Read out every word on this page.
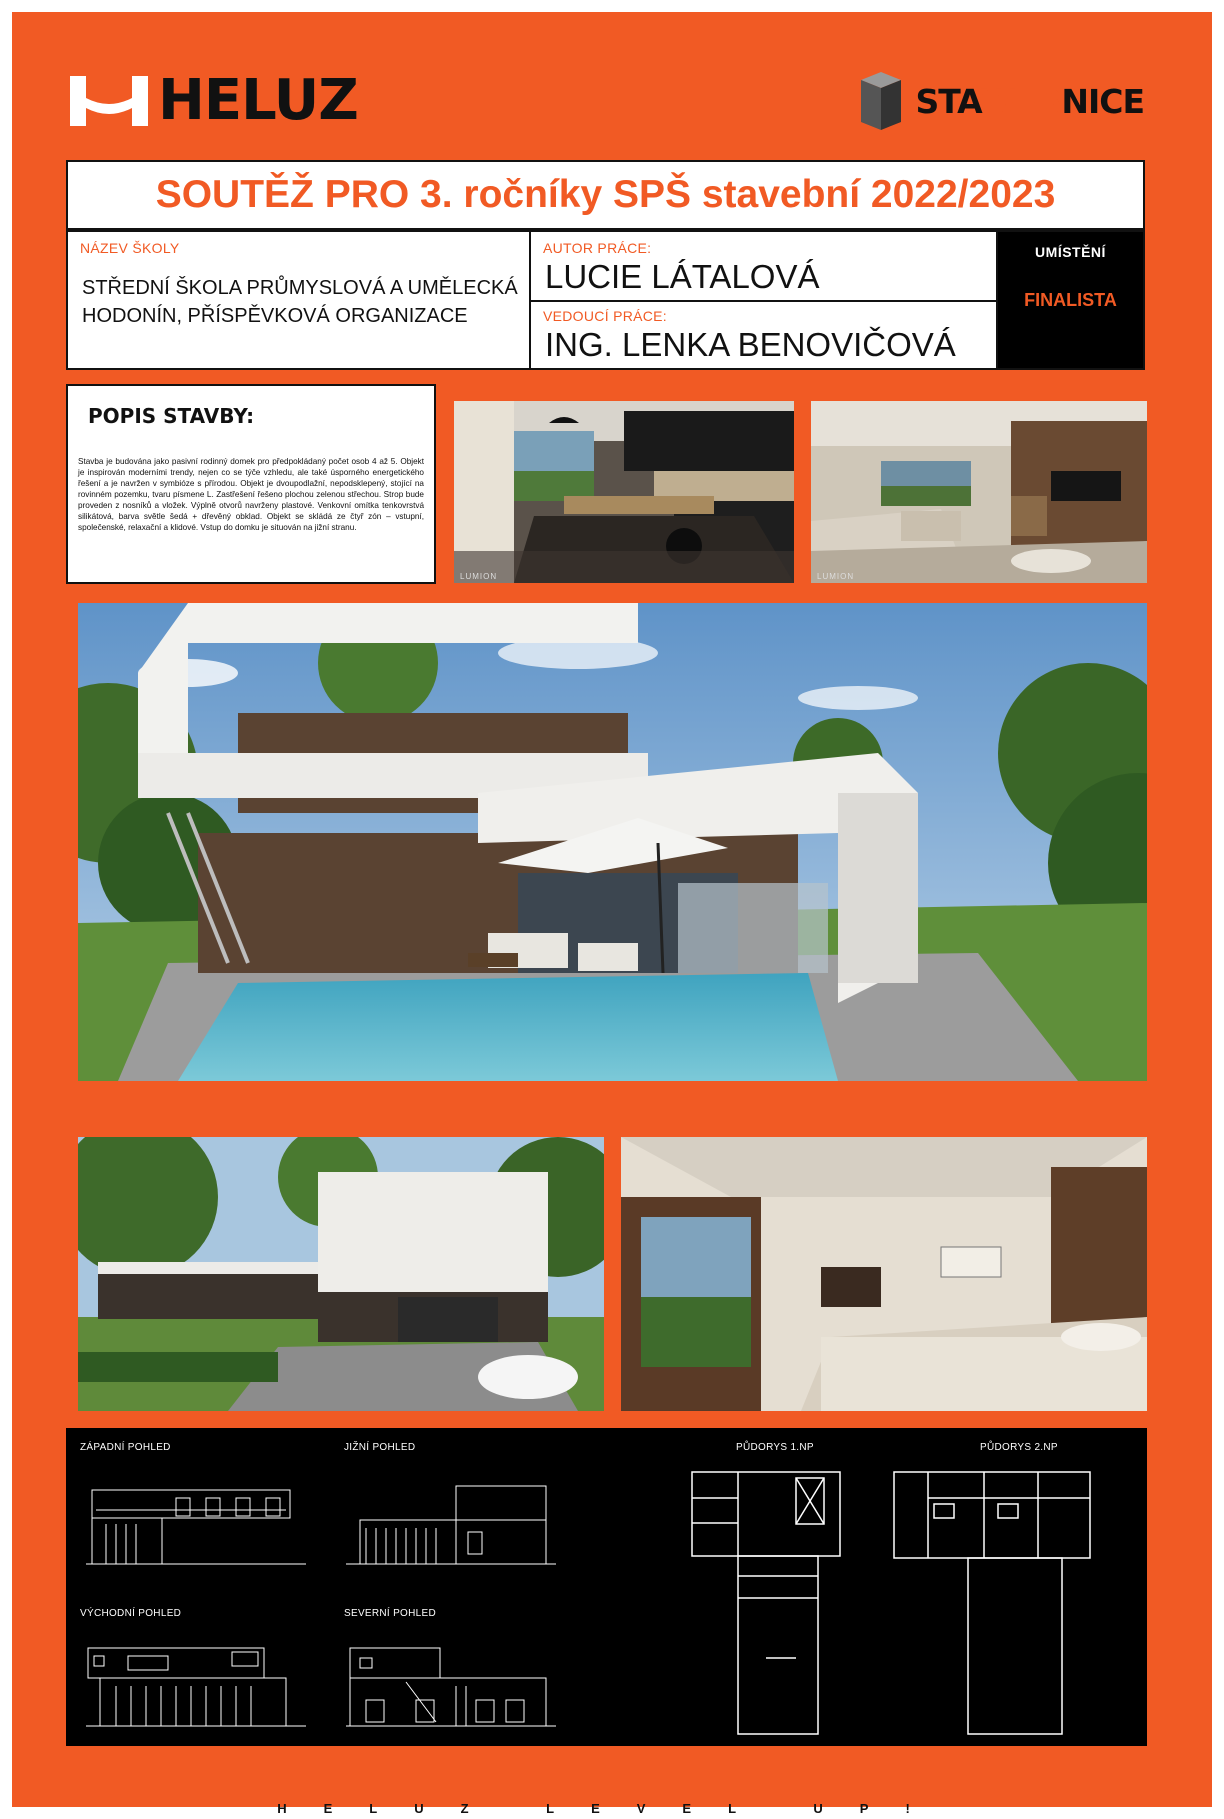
HELUZ	STAWEBNICE
SOUTĚŽ PRO 3. ročníky SPŠ stavební 2022/2023
NÁZEV ŠKOLY
STŘEDNÍ ŠKOLA PRŮMYSLOVÁ A UMĚLECKÁ
HODONÍN, PŘÍSPĚVKOVÁ ORGANIZACE
AUTOR PRÁCE:
LUCIE LÁTALOVÁ
VEDOUCÍ PRÁCE:
ING. LENKA BENOVIČOVÁ
UMÍSTĚNÍ
FINALISTA
POPIS STAVBY:

Stavba je budována jako pasivní rodinný domek pro předpokládaný počet osob 4 až 5. Objekt je inspirován moderními trendy, nejen co se týče vzhledu, ale také úsporného energetického řešení a je navržen v symbióze s přírodou. Objekt je dvoupodlažní, nepodsklepený, stojící na rovinném pozemku, tvaru písmene L. Zastřešení řešeno plochou zelenou střechou. Strop bude proveden z nosníků a vložek. Výplně otvorů navrženy plastové. Venkovní omítka tenkovrstvá silikátová, barva světle šedá + dřevěný obklad. Objekt se skládá ze čtyř zón – vstupní, společenské, relaxační a klidové. Vstup do domku je situován na jižní stranu.

LUMION	LUMION
ZÁPADNÍ POHLED	JIŽNÍ POHLED
VÝCHODNÍ POHLED	SEVERNÍ POHLED
PŮDORYS 1.NP	PŮDORYS 2.NP
HELUZ LEVEL UP!
